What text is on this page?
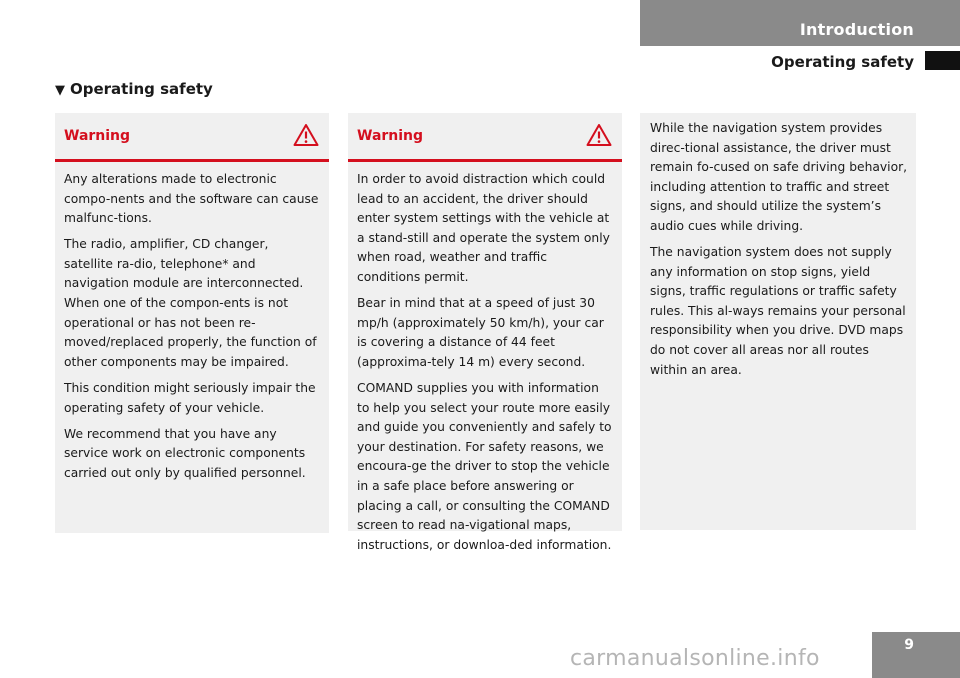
Introduction
Operating safety
▼ Operating safety
Warning

Any alterations made to electronic compo-nents and the software can cause malfunc-tions.

The radio, amplifier, CD changer, satellite ra-dio, telephone* and navigation module are interconnected. When one of the compon-ents is not operational or has not been re-moved/replaced properly, the function of other components may be impaired.

This condition might seriously impair the operating safety of your vehicle.

We recommend that you have any service work on electronic components carried out only by qualified personnel.

Warning

In order to avoid distraction which could lead to an accident, the driver should enter system settings with the vehicle at a stand-still and operate the system only when road, weather and traffic conditions permit.

Bear in mind that at a speed of just 30 mp/h (approximately 50 km/h), your car is covering a distance of 44 feet (approxima-tely 14 m) every second.

COMAND supplies you with information to help you select your route more easily and guide you conveniently and safely to your destination. For safety reasons, we encoura-ge the driver to stop the vehicle in a safe place before answering or placing a call, or consulting the COMAND screen to read na-vigational maps, instructions, or downloa-ded information.

While the navigation system provides direc-tional assistance, the driver must remain fo-cused on safe driving behavior, including attention to traffic and street signs, and should utilize the system’s audio cues while driving.

The navigation system does not supply any information on stop signs, yield signs, traffic regulations or traffic safety rules. This al-ways remains your personal responsibility when you drive. DVD maps do not cover all areas nor all routes within an area.

9
carmanualsonline.info
